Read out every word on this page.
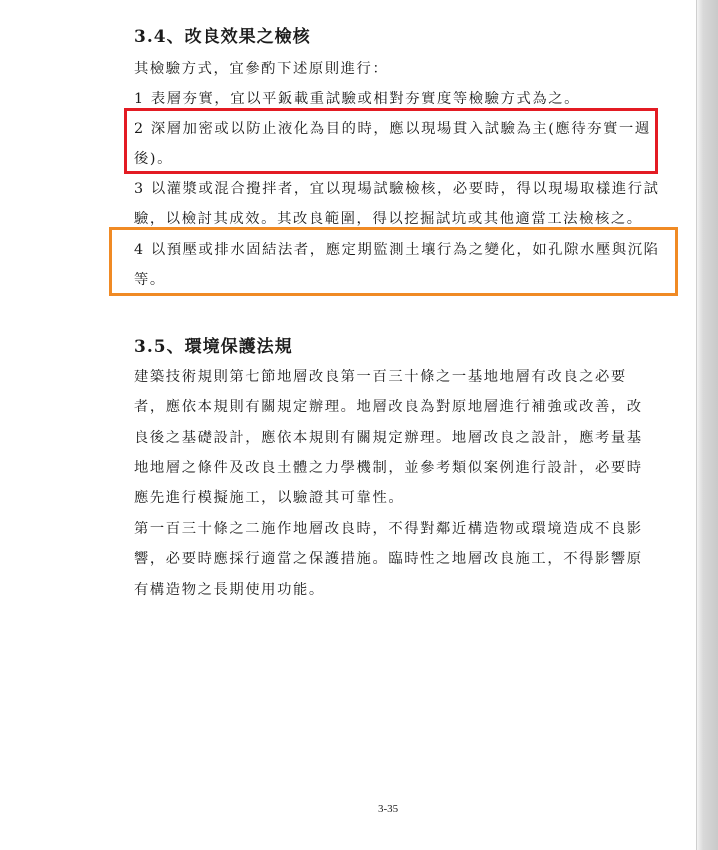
3.4、改良效果之檢核
其檢驗方式，宜參酌下述原則進行：
1 表層夯實，宜以平鈑載重試驗或相對夯實度等檢驗方式為之。
2 深層加密或以防止液化為目的時，應以現場貫入試驗為主(應待夯實一週
後)。
3 以灌漿或混合攪拌者，宜以現場試驗檢核，必要時，得以現場取樣進行試
驗，以檢討其成效。其改良範圍，得以挖掘試坑或其他適當工法檢核之。
4 以預壓或排水固結法者，應定期監測土壤行為之變化，如孔隙水壓與沉陷
等。
3.5、環境保護法規
建築技術規則第七節地層改良第一百三十條之一基地地層有改良之必要
者，應依本規則有關規定辦理。地層改良為對原地層進行補強或改善，改
良後之基礎設計，應依本規則有關規定辦理。地層改良之設計，應考量基
地地層之條件及改良土體之力學機制，並參考類似案例進行設計，必要時
應先進行模擬施工，以驗證其可靠性。
第一百三十條之二施作地層改良時，不得對鄰近構造物或環境造成不良影
響，必要時應採行適當之保護措施。臨時性之地層改良施工，不得影響原
有構造物之長期使用功能。
3-35
